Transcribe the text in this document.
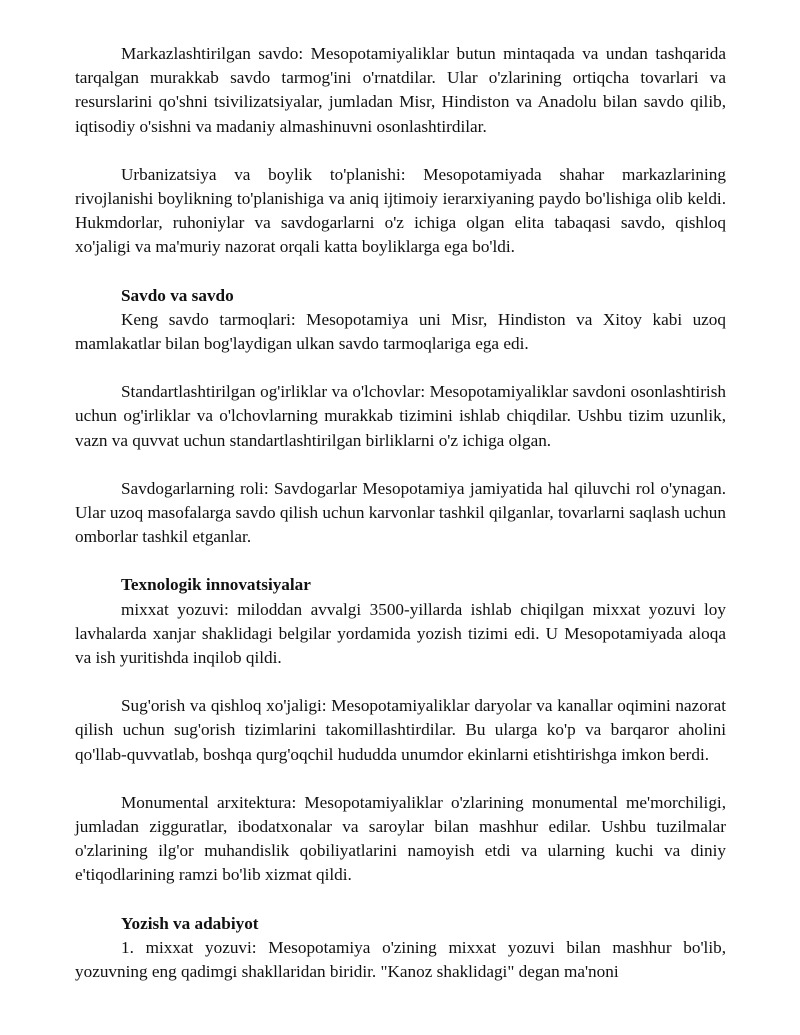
Markazlashtirilgan savdo: Mesopotamiyaliklar butun mintaqada va undan tashqarida tarqalgan murakkab savdo tarmog'ini o'rnatdilar. Ular o'zlarining ortiqcha tovarlari va resurslarini qo'shni tsivilizatsiyalar, jumladan Misr, Hindiston va Anadolu bilan savdo qilib, iqtisodiy o'sishni va madaniy almashinuvni osonlashtirdilar.

Urbanizatsiya va boylik to'planishi: Mesopotamiyada shahar markazlarining rivojlanishi boylikning to'planishiga va aniq ijtimoiy ierarxiyaning paydo bo'lishiga olib keldi. Hukmdorlar, ruhoniylar va savdogarlarni o'z ichiga olgan elita tabaqasi savdo, qishloq xo'jaligi va ma'muriy nazorat orqali katta boyliklarga ega bo'ldi.

Savdo va savdo

Keng savdo tarmoqlari: Mesopotamiya uni Misr, Hindiston va Xitoy kabi uzoq mamlakatlar bilan bog'laydigan ulkan savdo tarmoqlariga ega edi.

Standartlashtirilgan og'irliklar va o'lchovlar: Mesopotamiyaliklar savdoni osonlashtirish uchun og'irliklar va o'lchovlarning murakkab tizimini ishlab chiqdilar. Ushbu tizim uzunlik, vazn va quvvat uchun standartlashtirilgan birliklarni o'z ichiga olgan.

Savdogarlarning roli: Savdogarlar Mesopotamiya jamiyatida hal qiluvchi rol o'ynagan. Ular uzoq masofalarga savdo qilish uchun karvonlar tashkil qilganlar, tovarlarni saqlash uchun omborlar tashkil etganlar.

Texnologik innovatsiyalar

mixxat yozuvi: miloddan avvalgi 3500-yillarda ishlab chiqilgan mixxat yozuvi loy lavhalarda xanjar shaklidagi belgilar yordamida yozish tizimi edi. U Mesopotamiyada aloqa va ish yuritishda inqilob qildi.

Sug'orish va qishloq xo'jaligi: Mesopotamiyaliklar daryolar va kanallar oqimini nazorat qilish uchun sug'orish tizimlarini takomillashtirdilar. Bu ularga ko'p va barqaror aholini qo'llab-quvvatlab, boshqa qurg'oqchil hududda unumdor ekinlarni etishtirishga imkon berdi.

Monumental arxitektura: Mesopotamiyaliklar o'zlarining monumental me'morchiligi, jumladan zigguratlar, ibodatxonalar va saroylar bilan mashhur edilar. Ushbu tuzilmalar o'zlarining ilg'or muhandislik qobiliyatlarini namoyish etdi va ularning kuchi va diniy e'tiqodlarining ramzi bo'lib xizmat qildi.

Yozish va adabiyot

1. mixxat yozuvi: Mesopotamiya o'zining mixxat yozuvi bilan mashhur bo'lib, yozuvning eng qadimgi shakllaridan biridir. "Kanoz shaklidagi" degan ma'noni
